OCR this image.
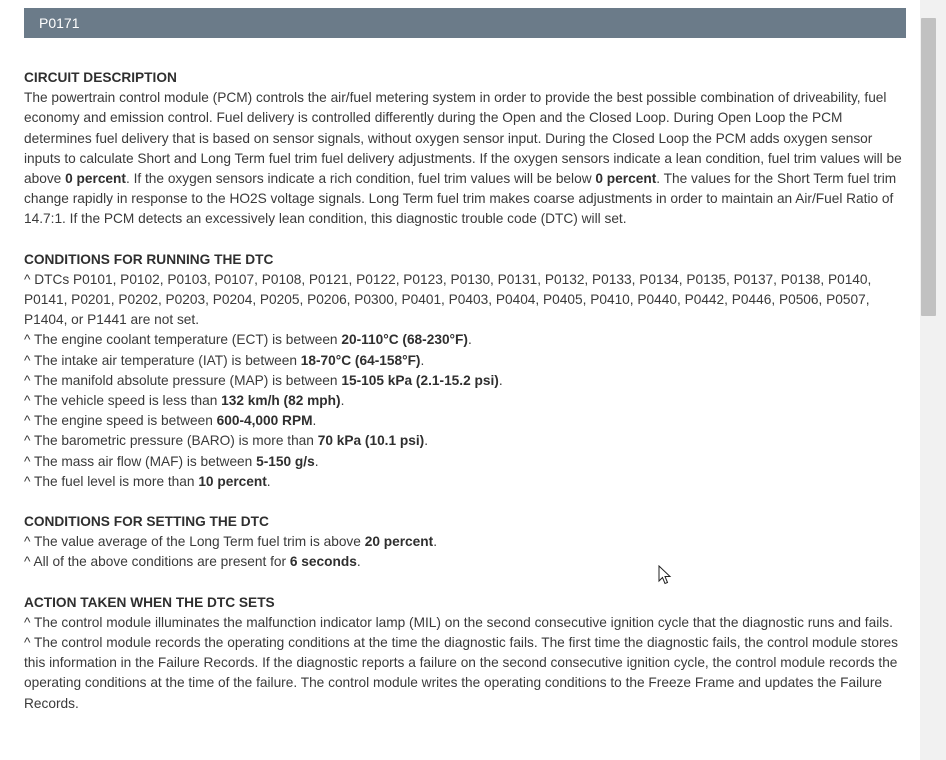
P0171

CIRCUIT DESCRIPTION

The powertrain control module (PCM) controls the air/fuel metering system in order to provide the best possible combination of driveability, fuel economy and emission control. Fuel delivery is controlled differently during the Open and the Closed Loop. During Open Loop the PCM determines fuel delivery that is based on sensor signals, without oxygen sensor input. During the Closed Loop the PCM adds oxygen sensor inputs to calculate Short and Long Term fuel trim fuel delivery adjustments. If the oxygen sensors indicate a lean condition, fuel trim values will be above 0 percent. If the oxygen sensors indicate a rich condition, fuel trim values will be below 0 percent. The values for the Short Term fuel trim change rapidly in response to the HO2S voltage signals. Long Term fuel trim makes coarse adjustments in order to maintain an Air/Fuel Ratio of 14.7:1. If the PCM detects an excessively lean condition, this diagnostic trouble code (DTC) will set.

CONDITIONS FOR RUNNING THE DTC

^ DTCs P0101, P0102, P0103, P0107, P0108, P0121, P0122, P0123, P0130, P0131, P0132, P0133, P0134, P0135, P0137, P0138, P0140, P0141, P0201, P0202, P0203, P0204, P0205, P0206, P0300, P0401, P0403, P0404, P0405, P0410, P0440, P0442, P0446, P0506, P0507, P1404, or P1441 are not set.

^ The engine coolant temperature (ECT) is between 20-110°C (68-230°F).

^ The intake air temperature (IAT) is between 18-70°C (64-158°F).

^ The manifold absolute pressure (MAP) is between 15-105 kPa (2.1-15.2 psi).

^ The vehicle speed is less than 132 km/h (82 mph).

^ The engine speed is between 600-4,000 RPM.

^ The barometric pressure (BARO) is more than 70 kPa (10.1 psi).

^ The mass air flow (MAF) is between 5-150 g/s.

^ The fuel level is more than 10 percent.

CONDITIONS FOR SETTING THE DTC

^ The value average of the Long Term fuel trim is above 20 percent.

^ All of the above conditions are present for 6 seconds.

ACTION TAKEN WHEN THE DTC SETS

^ The control module illuminates the malfunction indicator lamp (MIL) on the second consecutive ignition cycle that the diagnostic runs and fails.

^ The control module records the operating conditions at the time the diagnostic fails. The first time the diagnostic fails, the control module stores this information in the Failure Records. If the diagnostic reports a failure on the second consecutive ignition cycle, the control module records the operating conditions at the time of the failure. The control module writes the operating conditions to the Freeze Frame and updates the Failure Records.
